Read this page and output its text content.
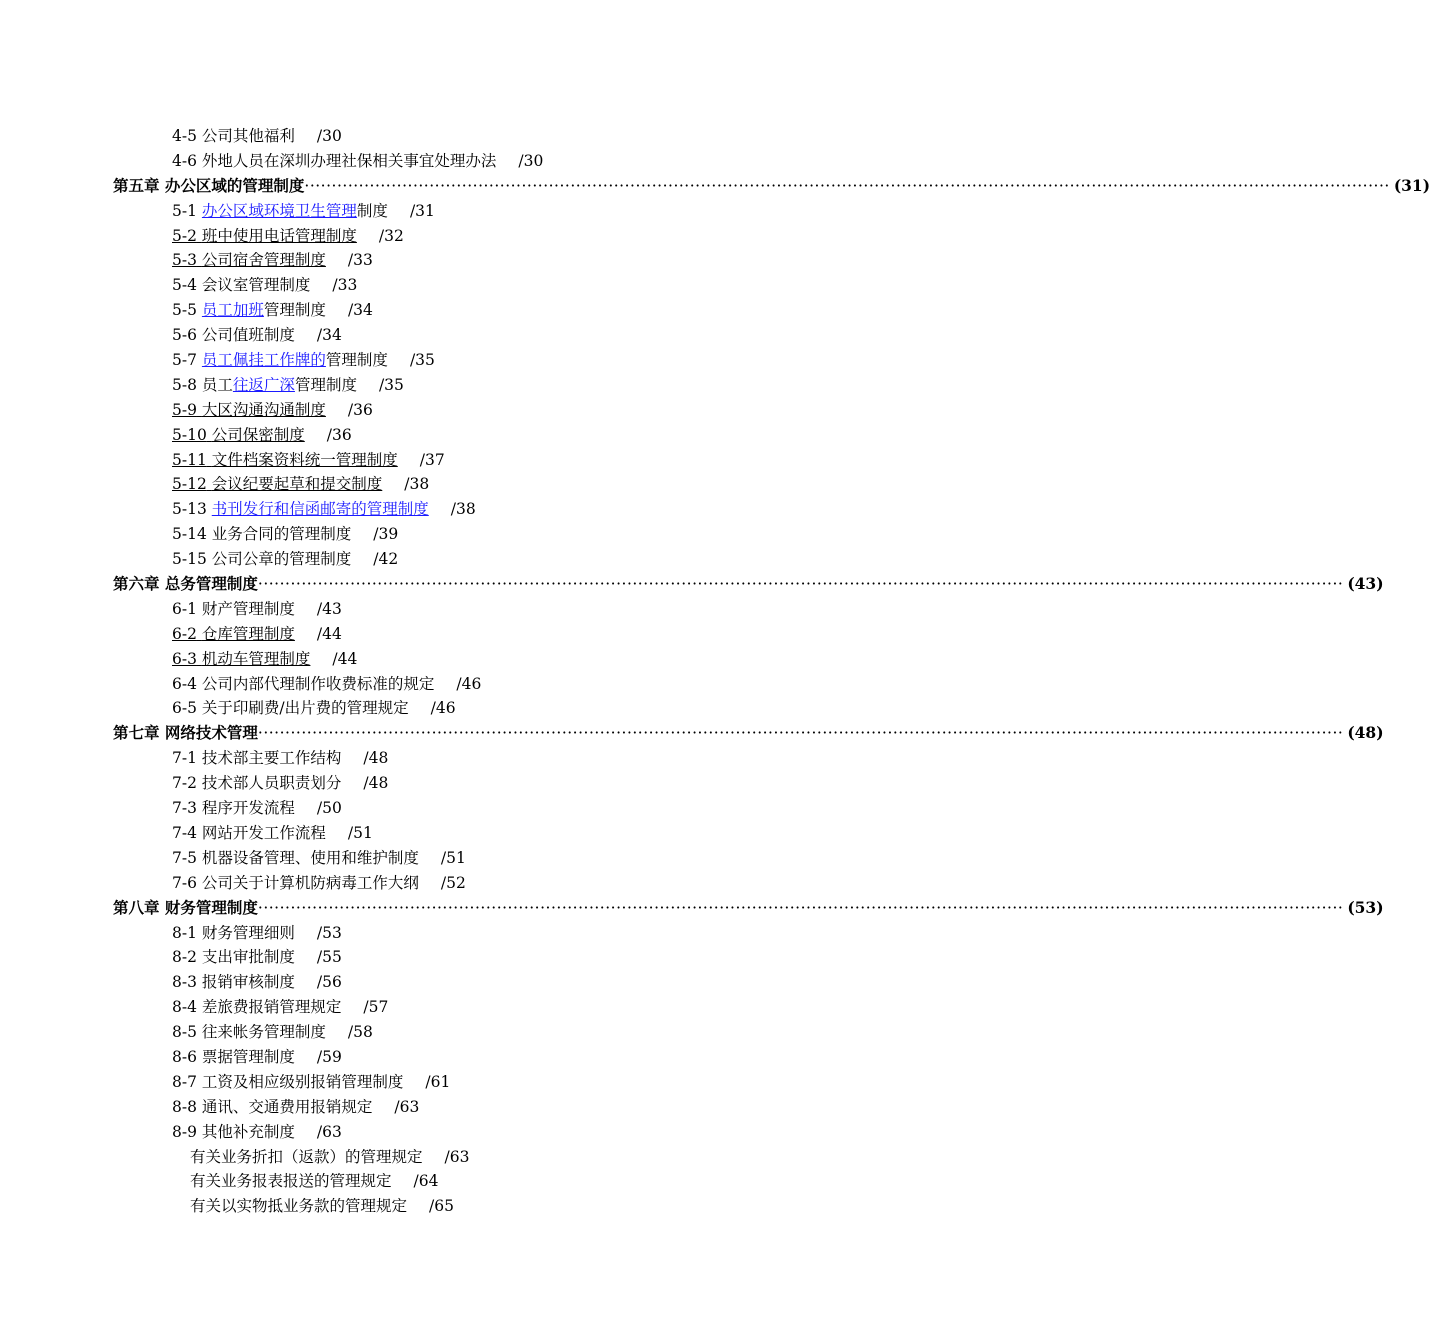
4-5 公司其他福利 /30
4-6 外地人员在深圳办理社保相关事宜处理办法 /30
第五章 办公区域的管理制度 ········································································································································································································ (31)
5-1 办公区域环境卫生管理制度 /31
5-2 班中使用电话管理制度 /32
5-3 公司宿舍管理制度 /33
5-4 会议室管理制度 /33
5-5 员工加班管理制度 /34
5-6 公司值班制度 /34
5-7 员工佩挂工作牌的管理制度 /35
5-8 员工往返广深管理制度 /35
5-9 大区沟通沟通制度 /36
5-10 公司保密制度 /36
5-11 文件档案资料统一管理制度 /37
5-12 会议纪要起草和提交制度 /38
5-13 书刊发行和信函邮寄的管理制度 /38
5-14 业务合同的管理制度 /39
5-15 公司公章的管理制度 /42
第六章 总务管理制度 ········································································································································································································ (43)
6-1 财产管理制度 /43
6-2 仓库管理制度 /44
6-3 机动车管理制度 /44
6-4 公司内部代理制作收费标准的规定 /46
6-5 关于印刷费/出片费的管理规定 /46
第七章 网络技术管理 ········································································································································································································ (48)
7-1 技术部主要工作结构 /48
7-2 技术部人员职责划分 /48
7-3 程序开发流程 /50
7-4 网站开发工作流程 /51
7-5 机器设备管理、使用和维护制度 /51
7-6 公司关于计算机防病毒工作大纲 /52
第八章 财务管理制度 ········································································································································································································ (53)
8-1 财务管理细则 /53
8-2 支出审批制度 /55
8-3 报销审核制度 /56
8-4 差旅费报销管理规定 /57
8-5 往来帐务管理制度 /58
8-6 票据管理制度 /59
8-7 工资及相应级别报销管理制度 /61
8-8 通讯、交通费用报销规定 /63
8-9 其他补充制度 /63
有关业务折扣（返款）的管理规定 /63
有关业务报表报送的管理规定 /64
有关以实物抵业务款的管理规定 /65
